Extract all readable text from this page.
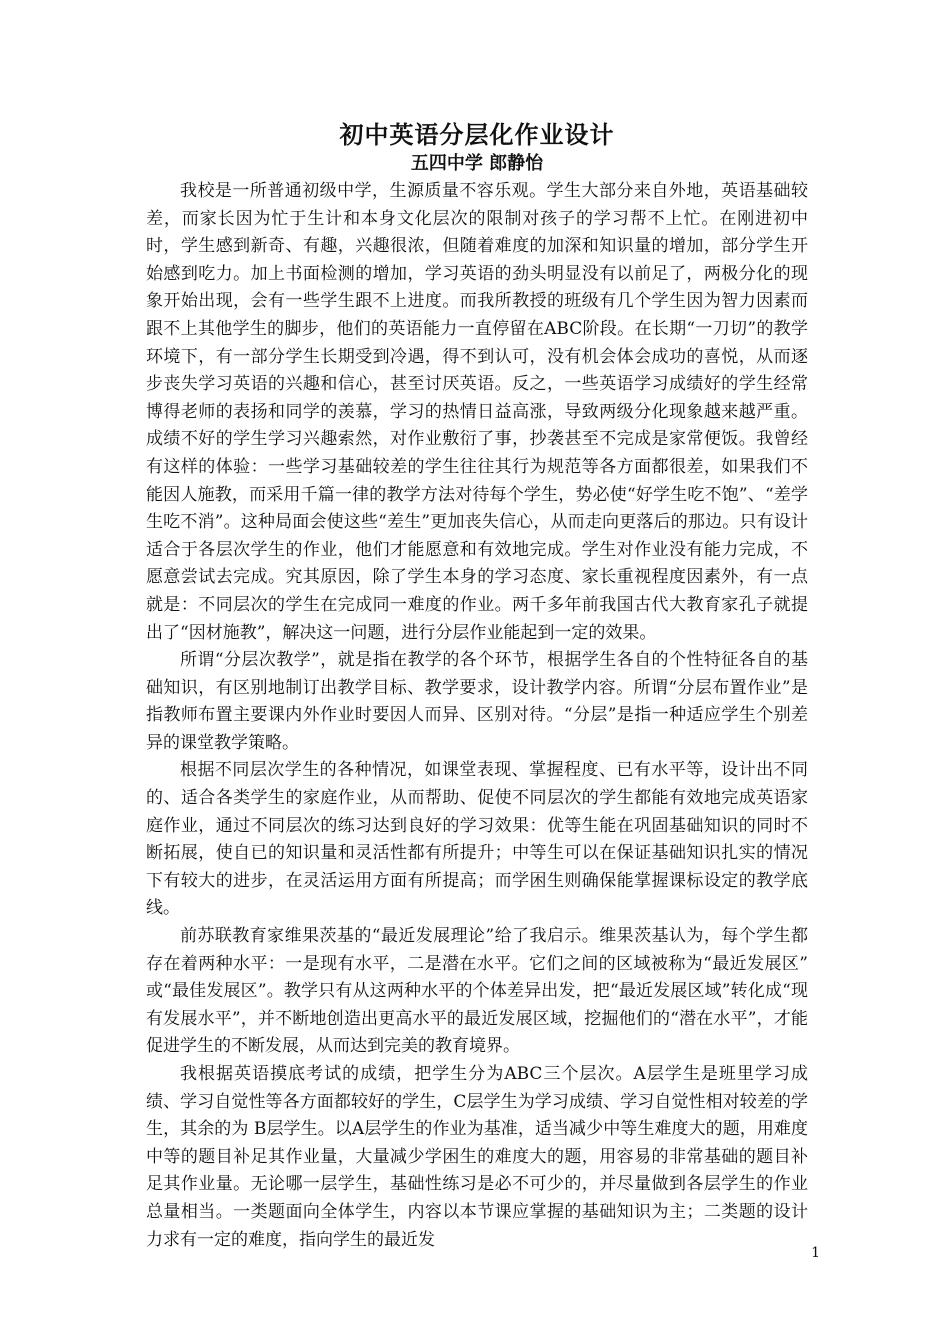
初中英语分层化作业设计
五四中学 郎静怡

我校是一所普通初级中学，生源质量不容乐观。学生大部分来自外地，英语基础较差，而家长因为忙于生计和本身文化层次的限制对孩子的学习帮不上忙。在刚进初中时，学生感到新奇、有趣，兴趣很浓，但随着难度的加深和知识量的增加，部分学生开始感到吃力。加上书面检测的增加，学习英语的劲头明显没有以前足了，两极分化的现象开始出现，会有一些学生跟不上进度。而我所教授的班级有几个学生因为智力因素而跟不上其他学生的脚步，他们的英语能力一直停留在ABC阶段。在长期“一刀切”的教学环境下，有一部分学生长期受到冷遇，得不到认可，没有机会体会成功的喜悦，从而逐步丧失学习英语的兴趣和信心，甚至讨厌英语。反之，一些英语学习成绩好的学生经常博得老师的表扬和同学的羡慕，学习的热情日益高涨，导致两级分化现象越来越严重。成绩不好的学生学习兴趣索然，对作业敷衍了事，抄袭甚至不完成是家常便饭。我曾经有这样的体验：一些学习基础较差的学生往往其行为规范等各方面都很差，如果我们不能因人施教，而采用千篇一律的教学方法对待每个学生，势必使“好学生吃不饱”、“差学生吃不消”。这种局面会使这些“差生”更加丧失信心，从而走向更落后的那边。只有设计适合于各层次学生的作业，他们才能愿意和有效地完成。学生对作业没有能力完成，不愿意尝试去完成。究其原因，除了学生本身的学习态度、家长重视程度因素外，有一点就是：不同层次的学生在完成同一难度的作业。两千多年前我国古代大教育家孔子就提出了“因材施教”，解决这一问题，进行分层作业能起到一定的效果。

所谓“分层次教学”，就是指在教学的各个环节，根据学生各自的个性特征各自的基础知识，有区别地制订出教学目标、教学要求，设计教学内容。所谓“分层布置作业”是指教师布置主要课内外作业时要因人而异、区别对待。“分层”是指一种适应学生个别差异的课堂教学策略。

根据不同层次学生的各种情况，如课堂表现、掌握程度、已有水平等，设计出不同的、适合各类学生的家庭作业，从而帮助、促使不同层次的学生都能有效地完成英语家庭作业，通过不同层次的练习达到良好的学习效果：优等生能在巩固基础知识的同时不断拓展，使自已的知识量和灵活性都有所提升；中等生可以在保证基础知识扎实的情况下有较大的进步，在灵活运用方面有所提高；而学困生则确保能掌握课标设定的教学底线。

前苏联教育家维果茨基的“最近发展理论”给了我启示。维果茨基认为，每个学生都存在着两种水平：一是现有水平，二是潜在水平。它们之间的区域被称为“最近发展区” 或“最佳发展区”。教学只有从这两种水平的个体差异出发，把“最近发展区域”转化成“现有发展水平”，并不断地创造出更高水平的最近发展区域，挖掘他们的“潜在水平”，才能促进学生的不断发展，从而达到完美的教育境界。

我根据英语摸底考试的成绩，把学生分为ABC三个层次。A层学生是班里学习成绩、学习自觉性等各方面都较好的学生，C层学生为学习成绩、学习自觉性相对较差的学生，其余的为 B层学生。以A层学生的作业为基准，适当减少中等生难度大的题，用难度中等的题目补足其作业量，大量减少学困生的难度大的题，用容易的非常基础的题目补足其作业量。无论哪一层学生，基础性练习是必不可少的，并尽量做到各层学生的作业总量相当。一类题面向全体学生，内容以本节课应掌握的基础知识为主；二类题的设计力求有一定的难度，指向学生的最近发

1
